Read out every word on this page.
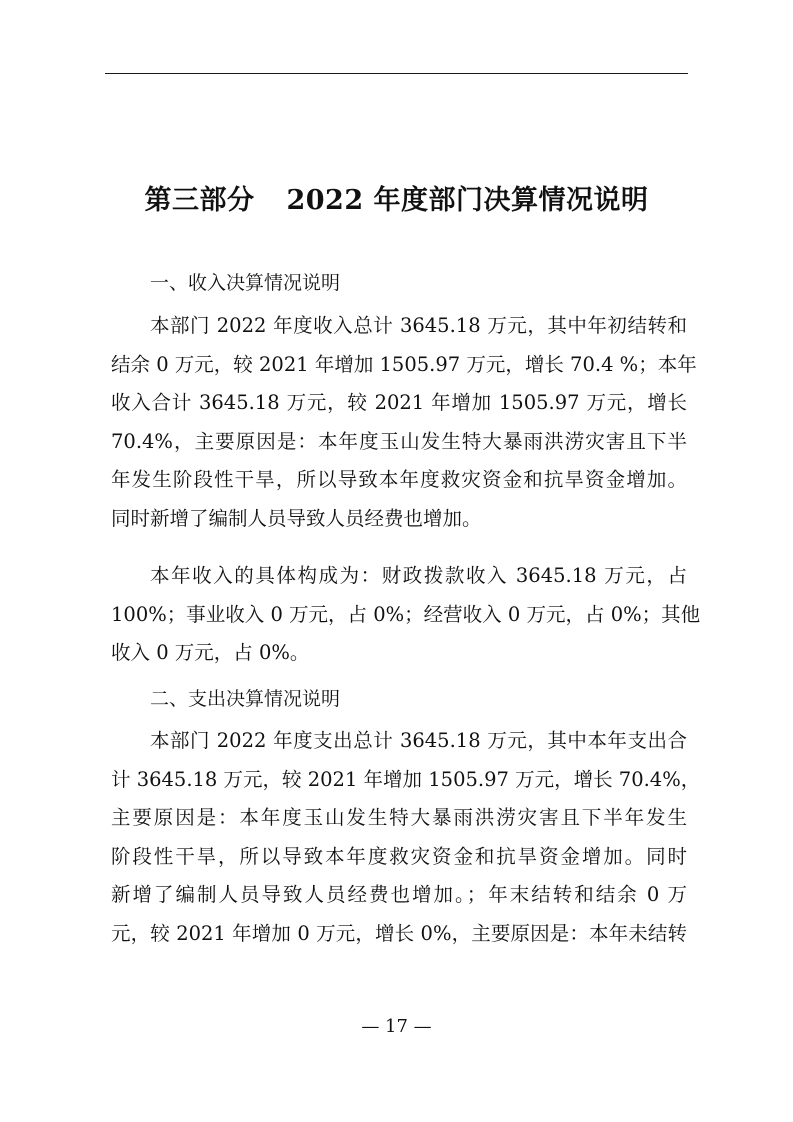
第三部分 2022 年度部门决算情况说明
一、收入决算情况说明
本部门 2022 年度收入总计 3645.18 万元，其中年初结转和
结余 0 万元，较 2021 年增加 1505.97 万元，增长 70.4 %；本年
收入合计 3645.18 万元，较 2021 年增加 1505.97 万元，增长
70.4%，主要原因是：本年度玉山发生特大暴雨洪涝灾害且下半
年发生阶段性干旱，所以导致本年度救灾资金和抗旱资金增加。
同时新增了编制人员导致人员经费也增加。
本年收入的具体构成为：财政拨款收入 3645.18 万元，占
100%；事业收入 0 万元，占 0%；经营收入 0 万元，占 0%；其他
收入 0 万元，占 0%。
二、支出决算情况说明
本部门 2022 年度支出总计 3645.18 万元，其中本年支出合
计 3645.18 万元，较 2021 年增加 1505.97 万元，增长 70.4%，
主要原因是：本年度玉山发生特大暴雨洪涝灾害且下半年发生
阶段性干旱，所以导致本年度救灾资金和抗旱资金增加。同时
新增了编制人员导致人员经费也增加。；年末结转和结余 0 万
元，较 2021 年增加 0 万元，增长 0%，主要原因是：本年未结转
— 17 —
